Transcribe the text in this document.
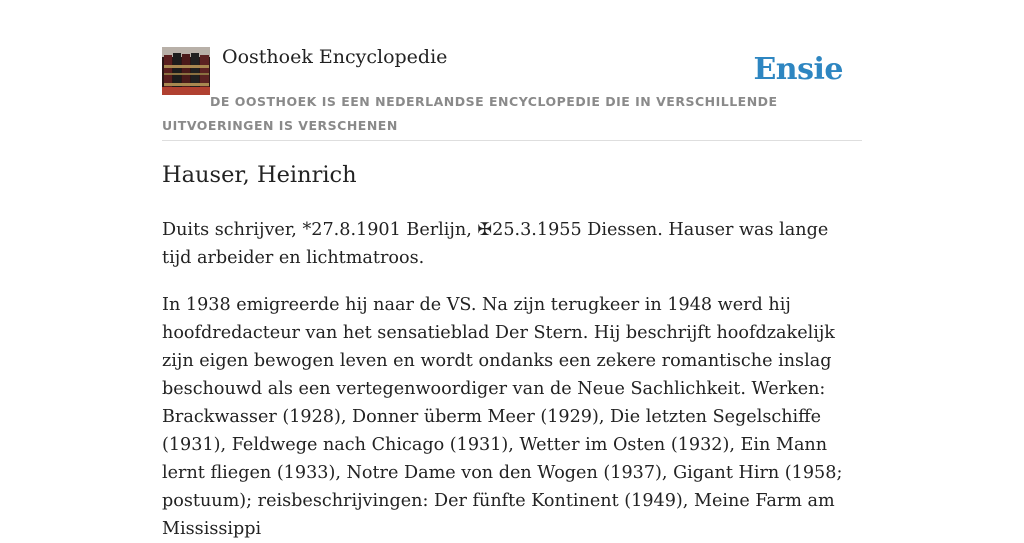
Oosthoek Encyclopedie	Ensie
DE OOSTHOEK IS EEN NEDERLANDSE ENCYCLOPEDIE DIE IN VERSCHILLENDE UITVOERINGEN IS VERSCHENEN
Hauser, Heinrich

Duits schrijver, *27.8.1901 Berlijn, ✠25.3.1955 Diessen. Hauser was lange tijd arbeider en lichtmatroos.

In 1938 emigreerde hij naar de VS. Na zijn terugkeer in 1948 werd hij hoofdredacteur van het sensatieblad Der Stern. Hij beschrijft hoofdzakelijk zijn eigen bewogen leven en wordt ondanks een zekere romantische inslag beschouwd als een vertegenwoordiger van de Neue Sachlichkeit. Werken: Brackwasser (1928), Donner überm Meer (1929), Die letzten Segelschiffe (1931), Feldwege nach Chicago (1931), Wetter im Osten (1932), Ein Mann lernt fliegen (1933), Notre Dame von den Wogen (1937), Gigant Hirn (1958; postuum); reisbeschrijvingen: Der fünfte Kontinent (1949), Meine Farm am Mississippi
